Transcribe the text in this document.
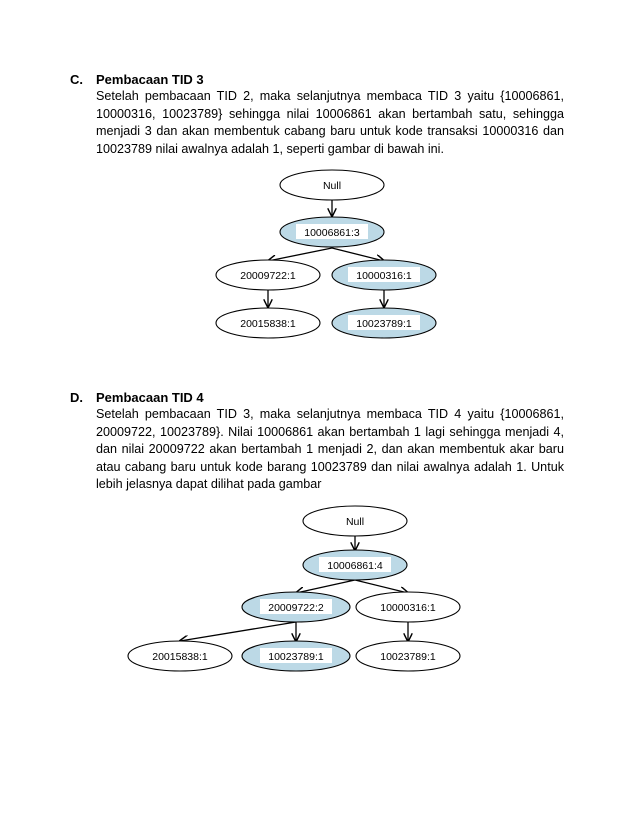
C. Pembacaan TID 3
Setelah pembacaan TID 2, maka selanjutnya membaca TID 3 yaitu {10006861, 10000316, 10023789} sehingga nilai 10006861 akan bertambah satu, sehingga menjadi 3 dan akan membentuk cabang baru untuk kode transaksi 10000316 dan 10023789 nilai awalnya adalah 1, seperti gambar di bawah ini.
D. Pembacaan TID 4
Setelah pembacaan TID 3, maka selanjutnya membaca TID 4 yaitu {10006861, 20009722, 10023789}. Nilai 10006861 akan bertambah 1 lagi sehingga menjadi 4, dan nilai 20009722 akan bertambah 1 menjadi 2, dan akan membentuk akar baru atau cabang baru untuk kode barang 10023789 dan nilai awalnya adalah 1. Untuk lebih jelasnya dapat dilihat pada gambar
Null
10006861:3
20009722:1	10000316:1
20015838:1	10023789:1
Null
10006861:4
20009722:2	10000316:1
20015838:1	10023789:1	10023789:1
